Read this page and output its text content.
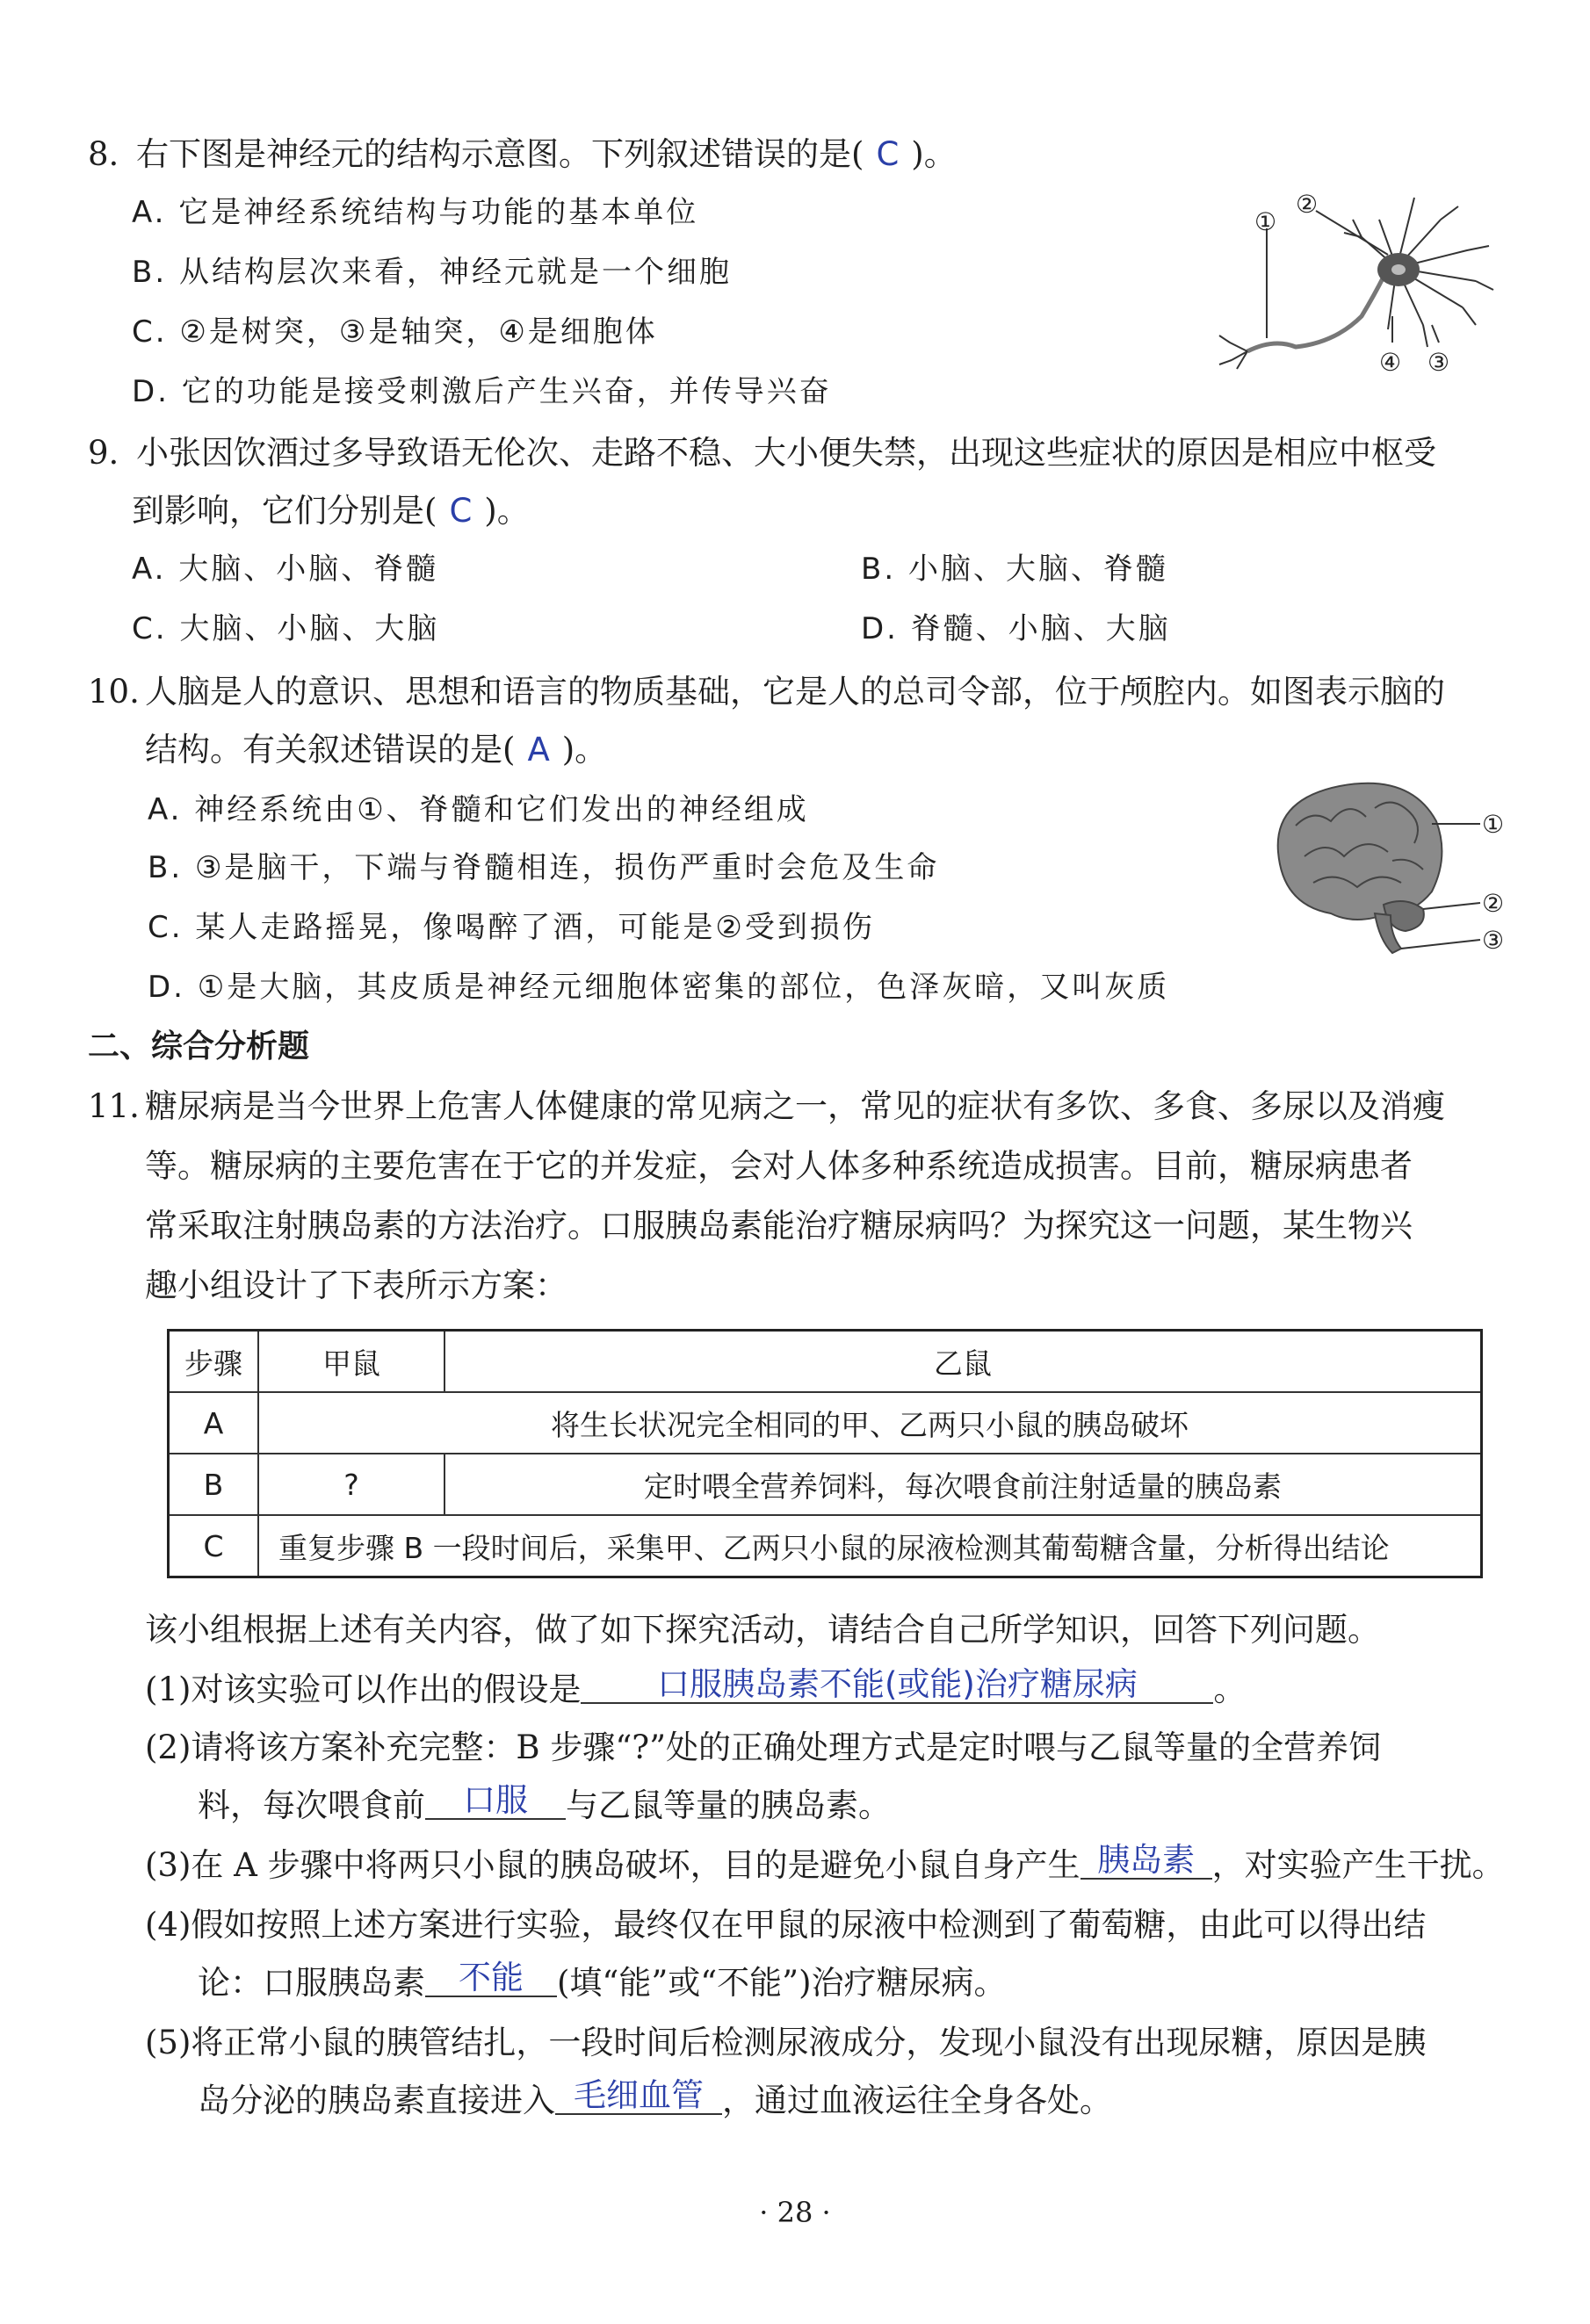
8. 右下图是神经元的结构示意图。下列叙述错误的是( C )。
A. 它是神经系统结构与功能的基本单位
B. 从结构层次来看，神经元就是一个细胞
C. ②是树突，③是轴突，④是细胞体
D. 它的功能是接受刺激后产生兴奋，并传导兴奋
①
②
④ ③
9. 小张因饮酒过多导致语无伦次、走路不稳、大小便失禁，出现这些症状的原因是相应中枢受
到影响，它们分别是( C )。
A. 大脑、小脑、脊髓	B. 小脑、大脑、脊髓
C. 大脑、小脑、大脑	D. 脊髓、小脑、大脑
10. 人脑是人的意识、思想和语言的物质基础，它是人的总司令部，位于颅腔内。如图表示脑的
结构。有关叙述错误的是( A )。
A. 神经系统由①、脊髓和它们发出的神经组成
B. ③是脑干，下端与脊髓相连，损伤严重时会危及生命
C. 某人走路摇晃，像喝醉了酒，可能是②受到损伤
D. ①是大脑，其皮质是神经元细胞体密集的部位，色泽灰暗，又叫灰质
①
②
③
二、综合分析题
11. 糖尿病是当今世界上危害人体健康的常见病之一，常见的症状有多饮、多食、多尿以及消瘦
等。糖尿病的主要危害在于它的并发症，会对人体多种系统造成损害。目前，糖尿病患者
常采取注射胰岛素的方法治疗。口服胰岛素能治疗糖尿病吗？为探究这一问题，某生物兴
趣小组设计了下表所示方案：
步骤	甲鼠	乙鼠
A	将生长状况完全相同的甲、乙两只小鼠的胰岛破坏	
B	?	定时喂全营养饲料，每次喂食前注射适量的胰岛素
C	重复步骤 B 一段时间后，采集甲、乙两只小鼠的尿液检测其葡萄糖含量，分析得出结论	
该小组根据上述有关内容，做了如下探究活动，请结合自己所学知识，回答下列问题。
(1)对该实验可以作出的假设是 口服胰岛素不能(或能)治疗糖尿病 。
(2)请将该方案补充完整：B 步骤“?”处的正确处理方式是定时喂与乙鼠等量的全营养饲
料，每次喂食前 口服 与乙鼠等量的胰岛素。
(3)在 A 步骤中将两只小鼠的胰岛破坏，目的是避免小鼠自身产生 胰岛素 ，对实验产生干扰。
(4)假如按照上述方案进行实验，最终仅在甲鼠的尿液中检测到了葡萄糖，由此可以得出结
论：口服胰岛素 不能 (填“能”或“不能”)治疗糖尿病。
(5)将正常小鼠的胰管结扎，一段时间后检测尿液成分，发现小鼠没有出现尿糖，原因是胰
岛分泌的胰岛素直接进入 毛细血管 ，通过血液运往全身各处。
· 28 ·
